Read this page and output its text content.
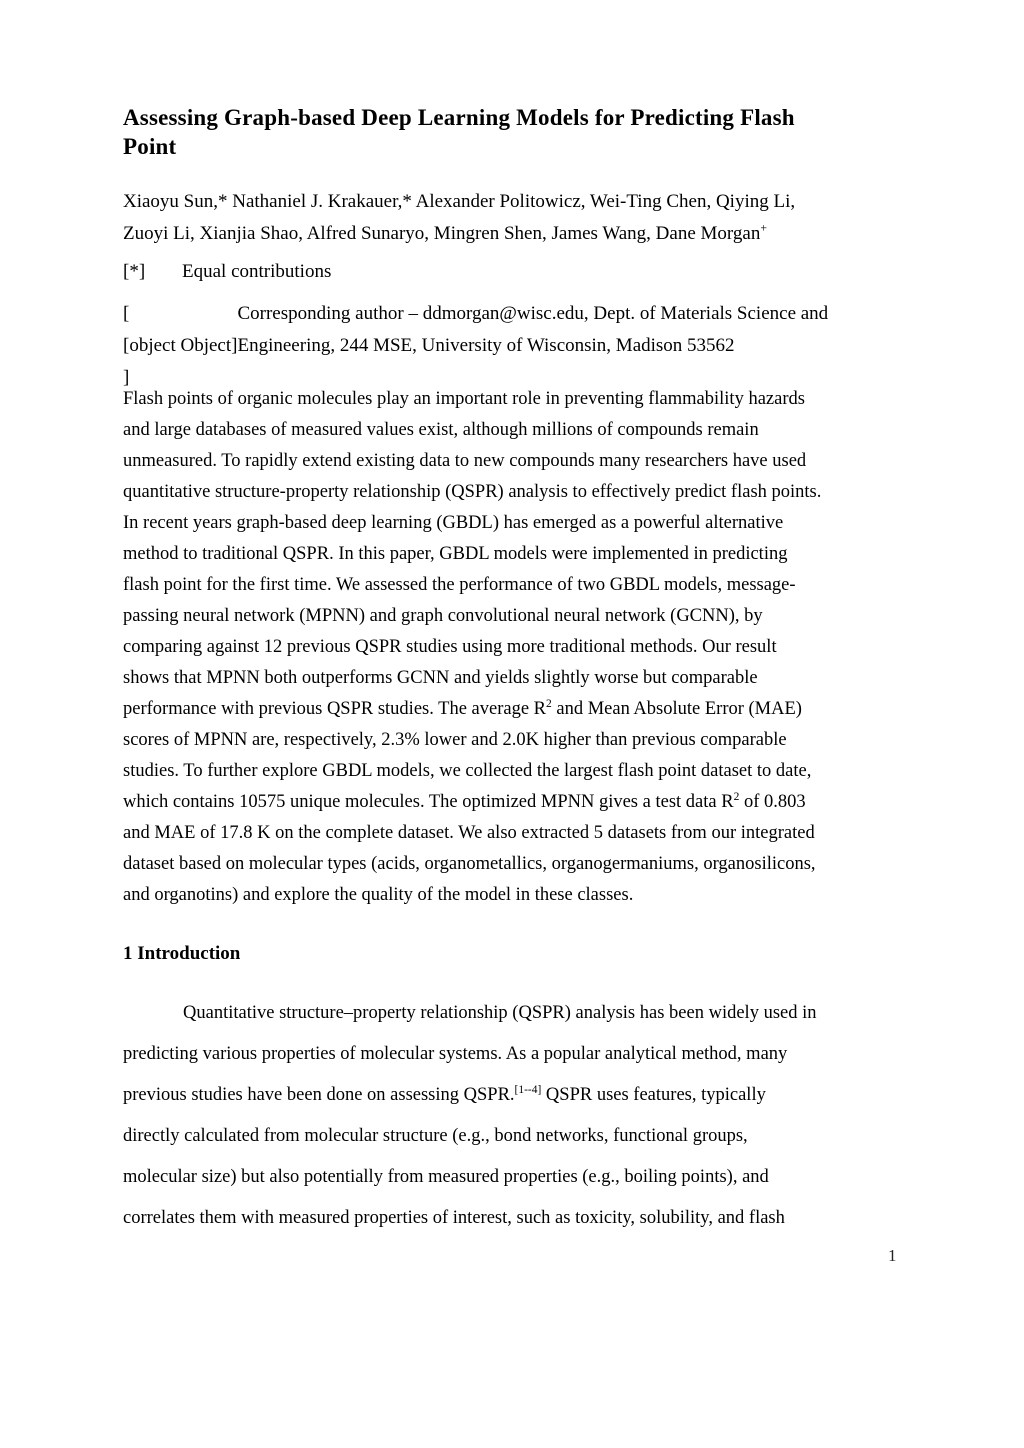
Assessing Graph-based Deep Learning Models for Predicting Flash
Point
Xiaoyu Sun,* Nathaniel J. Krakauer,* Alexander Politowicz, Wei-Ting Chen, Qiying Li,
Zuoyi Li, Xianjia Shao, Alfred Sunaryo, Mingren Shen, James Wang, Dane Morgan+
[*]	Equal contributions
[
[object Object]
]
Corresponding author – ddmorgan@wisc.edu, Dept. of Materials Science and
Engineering, 244 MSE, University of Wisconsin, Madison 53562
Flash points of organic molecules play an important role in preventing flammability hazards
and large databases of measured values exist, although millions of compounds remain
unmeasured. To rapidly extend existing data to new compounds many researchers have used
quantitative structure-property relationship (QSPR) analysis to effectively predict flash points.
In recent years graph-based deep learning (GBDL) has emerged as a powerful alternative
method to traditional QSPR. In this paper, GBDL models were implemented in predicting
flash point for the first time. We assessed the performance of two GBDL models, message-
passing neural network (MPNN) and graph convolutional neural network (GCNN), by
comparing against 12 previous QSPR studies using more traditional methods. Our result
shows that MPNN both outperforms GCNN and yields slightly worse but comparable
performance with previous QSPR studies. The average $R^2$ and Mean Absolute Error (MAE)
scores of MPNN are, respectively, 2.3% lower and 2.0K higher than previous comparable
studies. To further explore GBDL models, we collected the largest flash point dataset to date,
which contains 10575 unique molecules. The optimized MPNN gives a test data $R^2$ of 0.803
and MAE of 17.8 K on the complete dataset. We also extracted 5 datasets from our integrated
dataset based on molecular types (acids, organometallics, organogermaniums, organosilicons,
and organotins) and explore the quality of the model in these classes.
1 Introduction
Quantitative structure–property relationship (QSPR) analysis has been widely used in
predicting various properties of molecular systems. As a popular analytical method, many
previous studies have been done on assessing QSPR.[1--4] QSPR uses features, typically
directly calculated from molecular structure (e.g., bond networks, functional groups,
molecular size) but also potentially from measured properties (e.g., boiling points), and
correlates them with measured properties of interest, such as toxicity, solubility, and flash
1
